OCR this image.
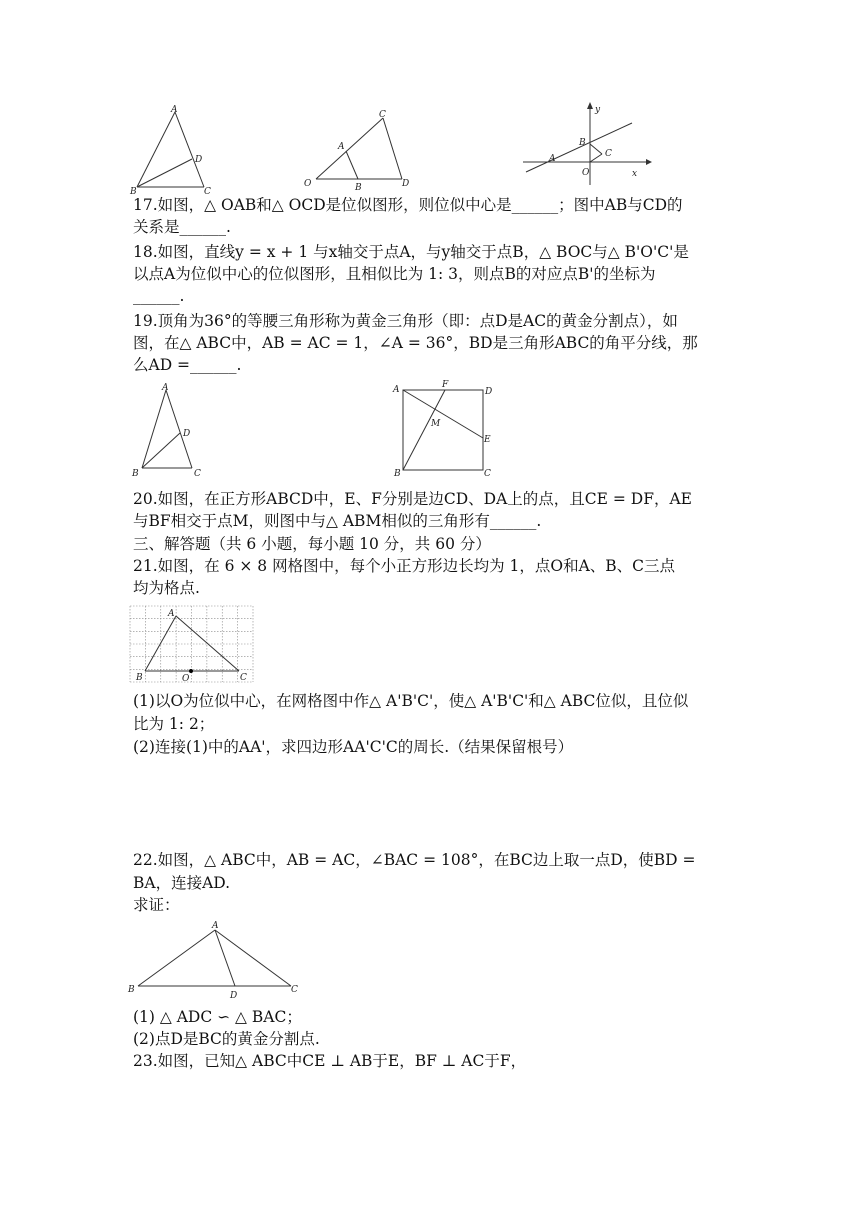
A
D
B	C
C
A
O	B	D
y
B
A	C
O	x
17.如图，△ OAB和△ OCD是位似图形，则位似中心是______；图中AB与CD的
关系是______.
18.如图，直线y = x + 1 与x轴交于点A，与y轴交于点B，△ BOC与△ B'O'C'是
以点A为位似中心的位似图形，且相似比为 1: 3，则点B的对应点B'的坐标为
______.
19.顶角为36°的等腰三角形称为黄金三角形（即：点D是AC的黄金分割点），如
图，在△ ABC中，AB = AC = 1，∠A = 36°，BD是三角形ABC的角平分线，那
么AD =______.
A
D
B	C
A	F
D
M
E
B	C
20.如图，在正方形ABCD中，E、F分别是边CD、DA上的点，且CE = DF，AE
与BF相交于点M，则图中与△ ABM相似的三角形有______.
三、解答题（共 6 小题，每小题 10 分，共 60 分）
21.如图，在 6 × 8 网格图中，每个小正方形边长均为 1，点O和A、B、C三点
均为格点.
A
B	O	C
(1)以O为位似中心，在网格图中作△ A'B'C'，使△ A'B'C'和△ ABC位似，且位似
比为 1: 2；
(2)连接(1)中的AA'，求四边形AA'C'C的周长.（结果保留根号）
22.如图，△ ABC中，AB = AC，∠BAC = 108°，在BC边上取一点D，使BD =
BA，连接AD.
求证：
A
B
D
C
(1) △ ADC ∽ △ BAC；
(2)点D是BC的黄金分割点.
23.如图，已知△ ABC中CE ⊥ AB于E，BF ⊥ AC于F，
